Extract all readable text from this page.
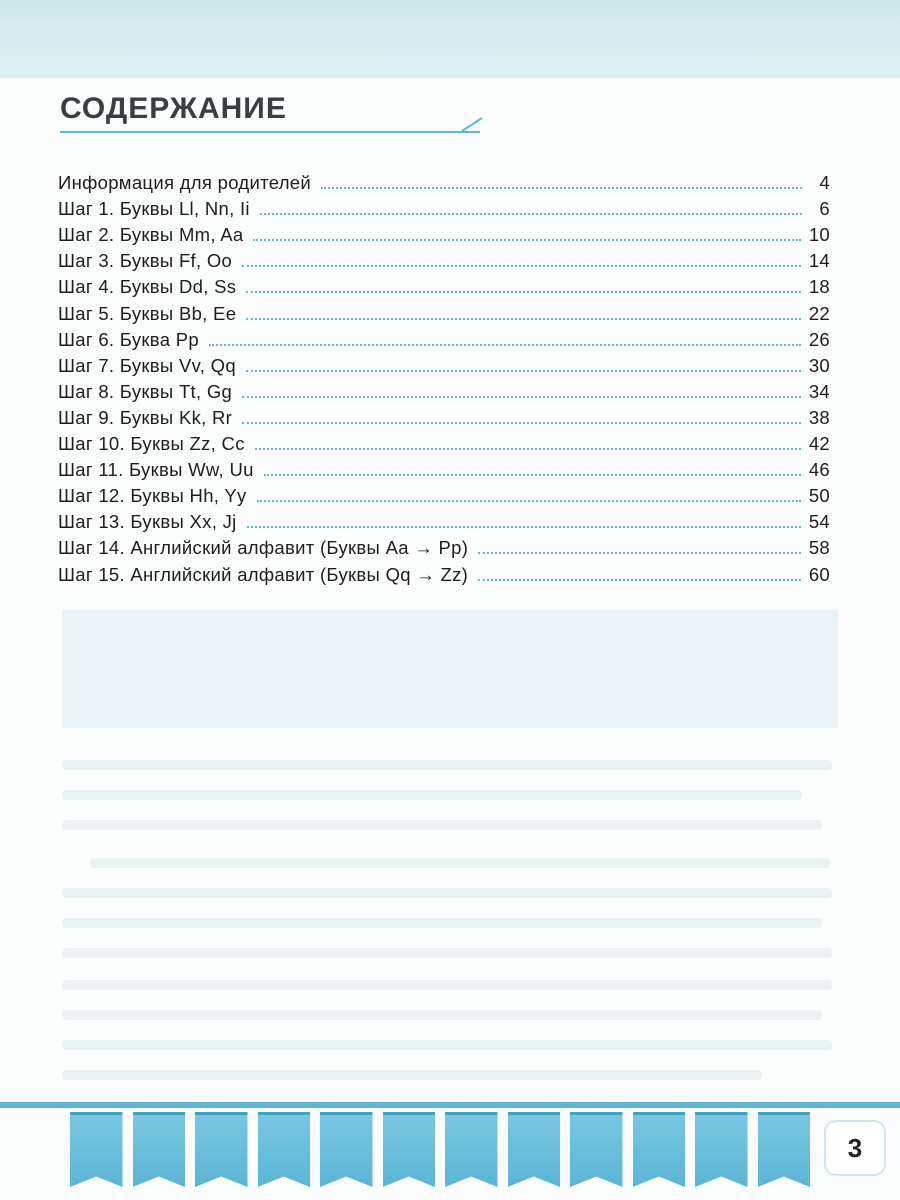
СОДЕРЖАНИЕ
Информация для родителей	4
Шаг 1. Буквы Ll, Nn, Ii	6
Шаг 2. Буквы Mm, Aa	10
Шаг 3. Буквы Ff, Oo	14
Шаг 4. Буквы Dd, Ss	18
Шаг 5. Буквы Bb, Ee	22
Шаг 6. Буква Pp	26
Шаг 7. Буквы Vv, Qq	30
Шаг 8. Буквы Tt, Gg	34
Шаг 9. Буквы Kk, Rr	38
Шаг 10. Буквы Zz, Cc	42
Шаг 11. Буквы Ww, Uu	46
Шаг 12. Буквы Hh, Yy	50
Шаг 13. Буквы Xx, Jj	54
Шаг 14. Английский алфавит (Буквы Aa → Pp)	58
Шаг 15. Английский алфавит (Буквы Qq → Zz)	60
3
